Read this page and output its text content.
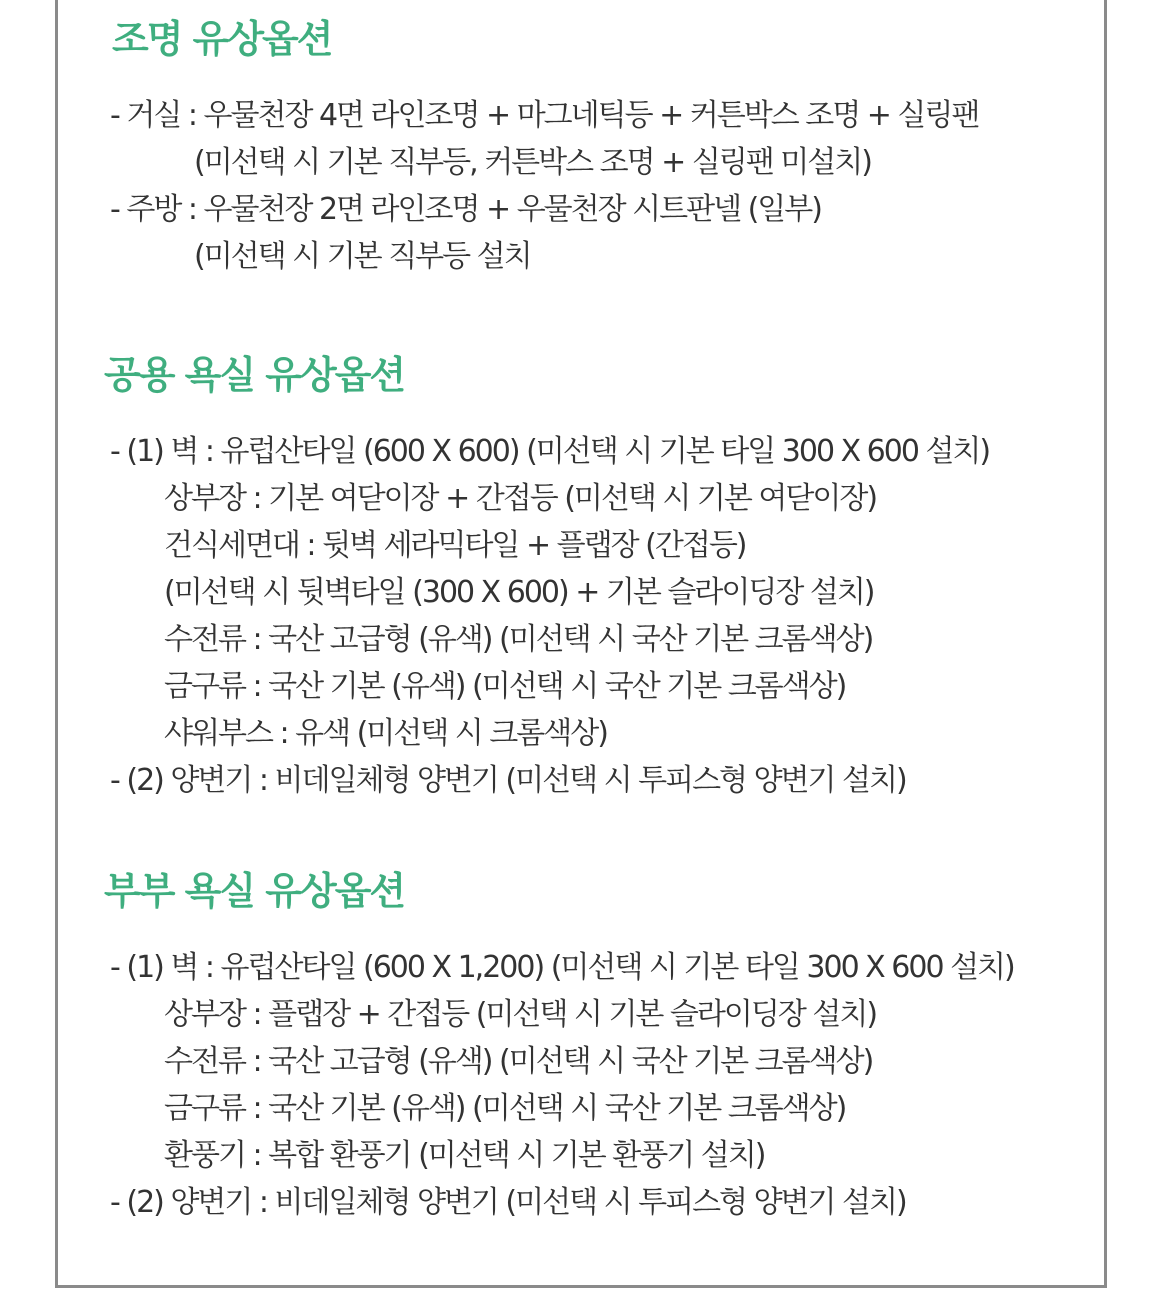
조명 유상옵션
- 거실 : 우물천장 4면 라인조명 + 마그네틱등 + 커튼박스 조명 + 실링팬
(미선택 시 기본 직부등, 커튼박스 조명 + 실링팬 미설치)
- 주방 : 우물천장 2면 라인조명 + 우물천장 시트판넬 (일부)
(미선택 시 기본 직부등 설치
공용 욕실 유상옵션
- (1) 벽 : 유럽산타일 (600 X 600) (미선택 시 기본 타일 300 X 600 설치)
상부장 : 기본 여닫이장 + 간접등 (미선택 시 기본 여닫이장)
건식세면대 : 뒷벽 세라믹타일 + 플랩장 (간접등)
(미선택 시 뒷벽타일 (300 X 600) + 기본 슬라이딩장 설치)
수전류 : 국산 고급형 (유색) (미선택 시 국산 기본 크롬색상)
금구류 : 국산 기본 (유색) (미선택 시 국산 기본 크롬색상)
샤워부스 : 유색 (미선택 시 크롬색상)
- (2) 양변기 : 비데일체형 양변기 (미선택 시 투피스형 양변기 설치)
부부 욕실 유상옵션
- (1) 벽 : 유럽산타일 (600 X 1,200) (미선택 시 기본 타일 300 X 600 설치)
상부장 : 플랩장 + 간접등 (미선택 시 기본 슬라이딩장 설치)
수전류 : 국산 고급형 (유색) (미선택 시 국산 기본 크롬색상)
금구류 : 국산 기본 (유색) (미선택 시 국산 기본 크롬색상)
환풍기 : 복합 환풍기 (미선택 시 기본 환풍기 설치)
- (2) 양변기 : 비데일체형 양변기 (미선택 시 투피스형 양변기 설치)
